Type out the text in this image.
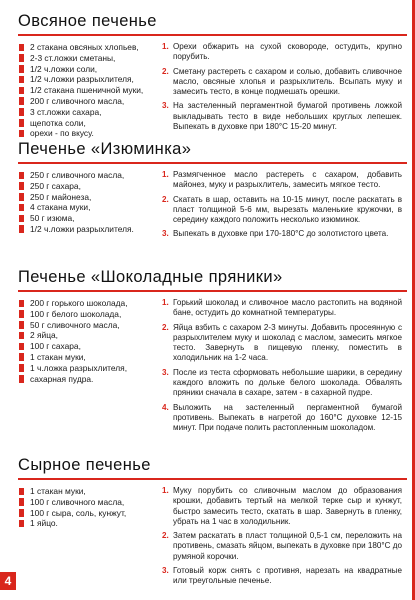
Овсяное печенье
2 стакана овсяных хлопьев,
2-3 ст.ложки сметаны,
1/2 ч.ложки соли,
1/2 ч.ложки разрыхлителя,
1/2 стакана пшеничной муки,
200 г сливочного масла,
3 ст.ложки сахара,
щепотка соли,
орехи - по вкусу.
1. Орехи обжарить на сухой сковороде, остудить, крупно порубить.
2. Сметану растереть с сахаром и солью, добавить сливочное масло, овсяные хлопья и разрыхлитель. Всыпать муку и замесить тесто, в конце подмешать орешки.
3. На застеленный пергаментной бумагой противень ложкой выкладывать тесто в виде небольших круглых лепешек. Выпекать в духовке при 180°С 15-20 минут.
Печенье «Изюминка»
250 г сливочного масла,
250 г сахара,
250 г майонеза,
4 стакана муки,
50 г изюма,
1/2 ч.ложки разрыхлителя.
1. Размягченное масло растереть с сахаром, добавить майонез, муку и разрыхлитель, замесить мягкое тесто.
2. Скатать в шар, оставить на 10-15 минут, после раскатать в пласт толщиной 5-6 мм, вырезать маленькие кружочки, в середину каждого положить несколько изюминок.
3. Выпекать в духовке при 170-180°С до золотистого цвета.
Печенье «Шоколадные пряники»
200 г горького шоколада,
100 г белого шоколада,
50 г сливочного масла,
2 яйца,
100 г сахара,
1 стакан муки,
1 ч.ложка разрыхлителя,
сахарная пудра.
1. Горький шоколад и сливочное масло растопить на водяной бане, остудить до комнатной температуры.
2. Яйца взбить с сахаром 2-3 минуты. Добавить просеянную с разрыхлителем муку и шоколад с маслом, замесить мягкое тесто. Завернуть в пищевую пленку, поместить в холодильник на 1-2 часа.
3. После из теста сформовать небольшие шарики, в середину каждого вложить по дольке белого шоколада. Обвалять пряники сначала в сахаре, затем - в сахарной пудре.
4. Выложить на застеленный пергаментной бумагой противень. Выпекать в нагретой до 160°С духовке 12-15 минут. При подаче полить растопленным шоколадом.
Сырное печенье
1 стакан муки,
100 г сливочного масла,
100 г сыра, соль, кунжут,
1 яйцо.
1. Муку порубить со сливочным маслом до образования крошки, добавить тертый на мелкой терке сыр и кунжут, быстро замесить тесто, скатать в шар. Завернуть в пленку, убрать на 1 час в холодильник.
2. Затем раскатать в пласт толщиной 0,5-1 см, переложить на противень, смазать яйцом, выпекать в духовке при 180°С до румяной корочки.
3. Готовый корж снять с противня, нарезать на квадратные или треугольные печенье.
4
